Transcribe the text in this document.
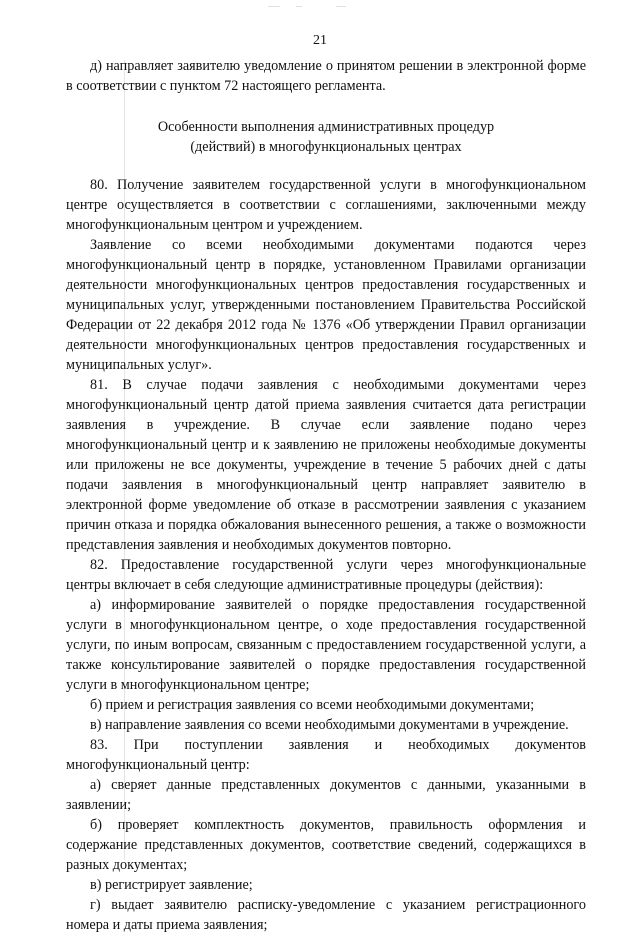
21

д) направляет заявителю уведомление о принятом решении в электронной форме в соответствии с пунктом 72 настоящего регламента.

Особенности выполнения административных процедур

(действий) в многофункциональных центрах

80. Получение заявителем государственной услуги в многофункциональном центре осуществляется в соответствии с соглашениями, заключенными между многофункциональным центром и учреждением.

Заявление со всеми необходимыми документами подаются через многофункциональный центр в порядке, установленном Правилами организации деятельности многофункциональных центров предоставления государственных и муниципальных услуг, утвержденными постановлением Правительства Российской Федерации от 22 декабря 2012 года № 1376 «Об утверждении Правил организации деятельности многофункциональных центров предоставления государственных и муниципальных услуг».

81. В случае подачи заявления с необходимыми документами через многофункциональный центр датой приема заявления считается дата регистрации заявления в учреждение. В случае если заявление подано через многофункциональный центр и к заявлению не приложены необходимые документы или приложены не все документы, учреждение в течение 5 рабочих дней с даты подачи заявления в многофункциональный центр направляет заявителю в электронной форме уведомление об отказе в рассмотрении заявления с указанием причин отказа и порядка обжалования вынесенного решения, а также о возможности представления заявления и необходимых документов повторно.

82. Предоставление государственной услуги через многофункциональные центры включает в себя следующие административные процедуры (действия):

а) информирование заявителей о порядке предоставления государственной услуги в многофункциональном центре, о ходе предоставления государственной услуги, по иным вопросам, связанным с предоставлением государственной услуги, а также консультирование заявителей о порядке предоставления государственной услуги в многофункциональном центре;

б) прием и регистрация заявления со всеми необходимыми документами;

в) направление заявления со всеми необходимыми документами в учреждение.

83. При поступлении заявления и необходимых документов многофункциональный центр:

а) сверяет данные представленных документов с данными, указанными в заявлении;

б) проверяет комплектность документов, правильность оформления и содержание представленных документов, соответствие сведений, содержащихся в разных документах;

в) регистрирует заявление;

г) выдает заявителю расписку-уведомление с указанием регистрационного номера и даты приема заявления;
